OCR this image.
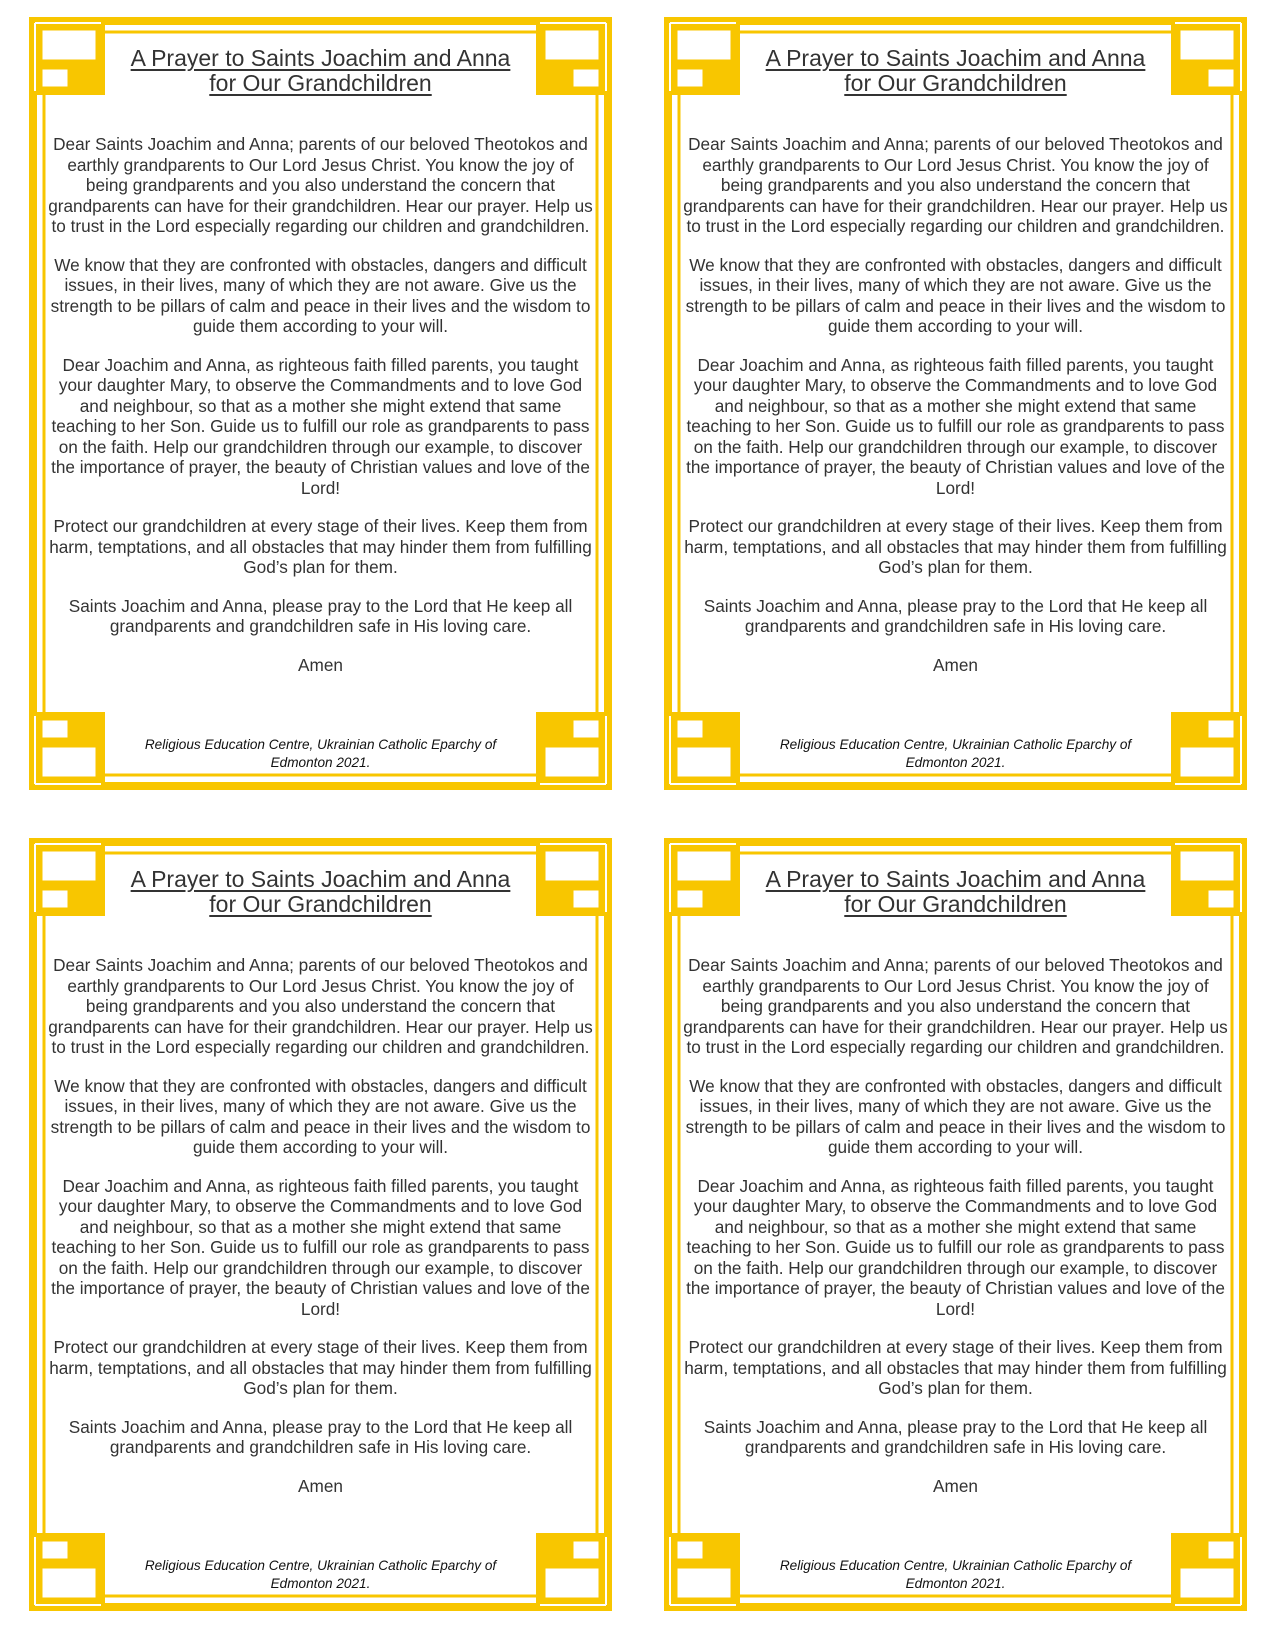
A Prayer to Saints Joachim and Anna
for Our Grandchildren

Dear Saints Joachim and Anna; parents of our beloved Theotokos and earthly grandparents to Our Lord Jesus Christ. You know the joy of being grandparents and you also understand the concern that grandparents can have for their grandchildren. Hear our prayer. Help us to trust in the Lord especially regarding our children and grandchildren.

We know that they are confronted with obstacles, dangers and difficult issues, in their lives, many of which they are not aware. Give us the strength to be pillars of calm and peace in their lives and the wisdom to guide them according to your will.

Dear Joachim and Anna, as righteous faith filled parents, you taught your daughter Mary, to observe the Commandments and to love God and neighbour, so that as a mother she might extend that same teaching to her Son. Guide us to fulfill our role as grandparents to pass on the faith. Help our grandchildren through our example, to discover the importance of prayer, the beauty of Christian values and love of the Lord!

Protect our grandchildren at every stage of their lives. Keep them from harm, temptations, and all obstacles that may hinder them from fulfilling God’s plan for them.

Saints Joachim and Anna, please pray to the Lord that He keep all grandparents and grandchildren safe in His loving care.

Amen

Religious Education Centre, Ukrainian Catholic Eparchy of Edmonton 2021.
A Prayer to Saints Joachim and Anna
for Our Grandchildren

Dear Saints Joachim and Anna; parents of our beloved Theotokos and earthly grandparents to Our Lord Jesus Christ. You know the joy of being grandparents and you also understand the concern that grandparents can have for their grandchildren. Hear our prayer. Help us to trust in the Lord especially regarding our children and grandchildren.

We know that they are confronted with obstacles, dangers and difficult issues, in their lives, many of which they are not aware. Give us the strength to be pillars of calm and peace in their lives and the wisdom to guide them according to your will.

Dear Joachim and Anna, as righteous faith filled parents, you taught your daughter Mary, to observe the Commandments and to love God and neighbour, so that as a mother she might extend that same teaching to her Son. Guide us to fulfill our role as grandparents to pass on the faith. Help our grandchildren through our example, to discover the importance of prayer, the beauty of Christian values and love of the Lord!

Protect our grandchildren at every stage of their lives. Keep them from harm, temptations, and all obstacles that may hinder them from fulfilling God’s plan for them.

Saints Joachim and Anna, please pray to the Lord that He keep all grandparents and grandchildren safe in His loving care.

Amen

Religious Education Centre, Ukrainian Catholic Eparchy of Edmonton 2021.
A Prayer to Saints Joachim and Anna
for Our Grandchildren

Dear Saints Joachim and Anna; parents of our beloved Theotokos and earthly grandparents to Our Lord Jesus Christ. You know the joy of being grandparents and you also understand the concern that grandparents can have for their grandchildren. Hear our prayer. Help us to trust in the Lord especially regarding our children and grandchildren.

We know that they are confronted with obstacles, dangers and difficult issues, in their lives, many of which they are not aware. Give us the strength to be pillars of calm and peace in their lives and the wisdom to guide them according to your will.

Dear Joachim and Anna, as righteous faith filled parents, you taught your daughter Mary, to observe the Commandments and to love God and neighbour, so that as a mother she might extend that same teaching to her Son. Guide us to fulfill our role as grandparents to pass on the faith. Help our grandchildren through our example, to discover the importance of prayer, the beauty of Christian values and love of the Lord!

Protect our grandchildren at every stage of their lives. Keep them from harm, temptations, and all obstacles that may hinder them from fulfilling God’s plan for them.

Saints Joachim and Anna, please pray to the Lord that He keep all grandparents and grandchildren safe in His loving care.

Amen

Religious Education Centre, Ukrainian Catholic Eparchy of Edmonton 2021.
A Prayer to Saints Joachim and Anna
for Our Grandchildren

Dear Saints Joachim and Anna; parents of our beloved Theotokos and earthly grandparents to Our Lord Jesus Christ. You know the joy of being grandparents and you also understand the concern that grandparents can have for their grandchildren. Hear our prayer. Help us to trust in the Lord especially regarding our children and grandchildren.

We know that they are confronted with obstacles, dangers and difficult issues, in their lives, many of which they are not aware. Give us the strength to be pillars of calm and peace in their lives and the wisdom to guide them according to your will.

Dear Joachim and Anna, as righteous faith filled parents, you taught your daughter Mary, to observe the Commandments and to love God and neighbour, so that as a mother she might extend that same teaching to her Son. Guide us to fulfill our role as grandparents to pass on the faith. Help our grandchildren through our example, to discover the importance of prayer, the beauty of Christian values and love of the Lord!

Protect our grandchildren at every stage of their lives. Keep them from harm, temptations, and all obstacles that may hinder them from fulfilling God’s plan for them.

Saints Joachim and Anna, please pray to the Lord that He keep all grandparents and grandchildren safe in His loving care.

Amen

Religious Education Centre, Ukrainian Catholic Eparchy of Edmonton 2021.
